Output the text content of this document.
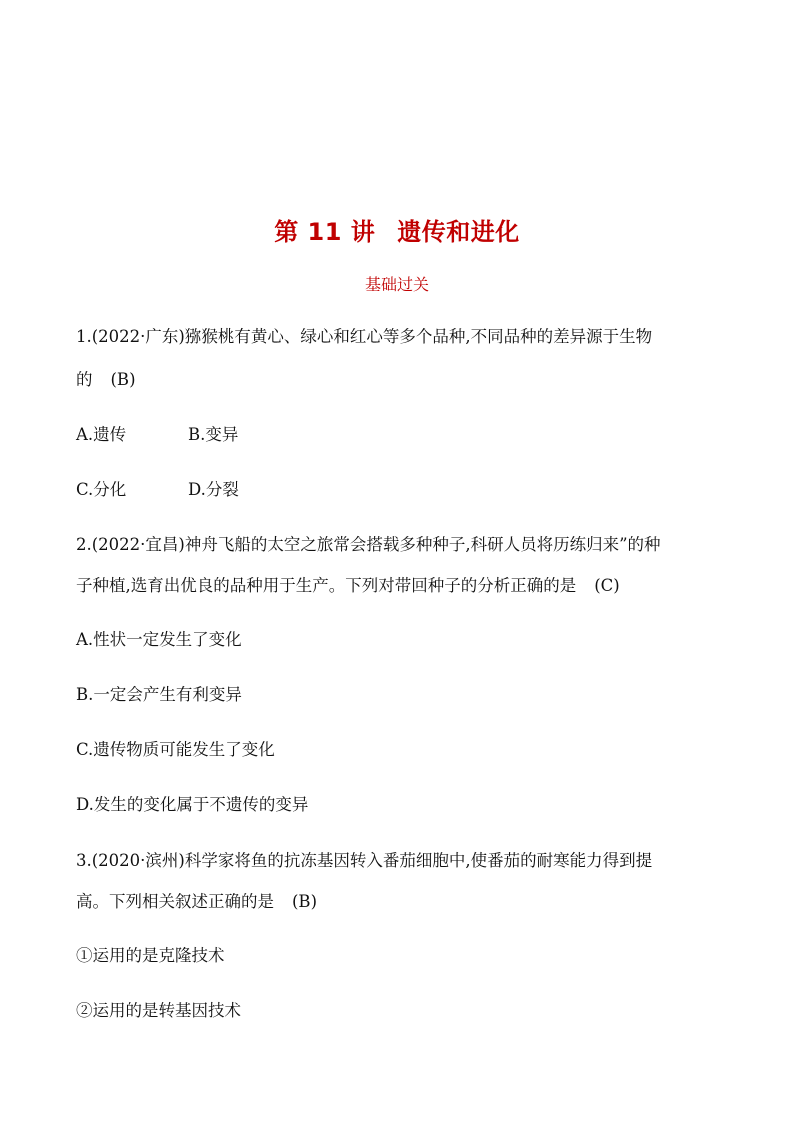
第 11 讲 遗传和进化
基础过关
1.(2022·广东)猕猴桃有黄心、绿心和红心等多个品种,不同品种的差异源于生物
的 (B)
A.遗传	B.变异
C.分化	D.分裂
2.(2022·宜昌)神舟飞船的太空之旅常会搭载多种种子,科研人员将历练归来”的种
子种植,选育出优良的品种用于生产。下列对带回种子的分析正确的是 (C)
A.性状一定发生了变化
B.一定会产生有利变异
C.遗传物质可能发生了变化
D.发生的变化属于不遗传的变异
3.(2020·滨州)科学家将鱼的抗冻基因转入番茄细胞中,使番茄的耐寒能力得到提
高。下列相关叙述正确的是 (B)
①运用的是克隆技术
②运用的是转基因技术
